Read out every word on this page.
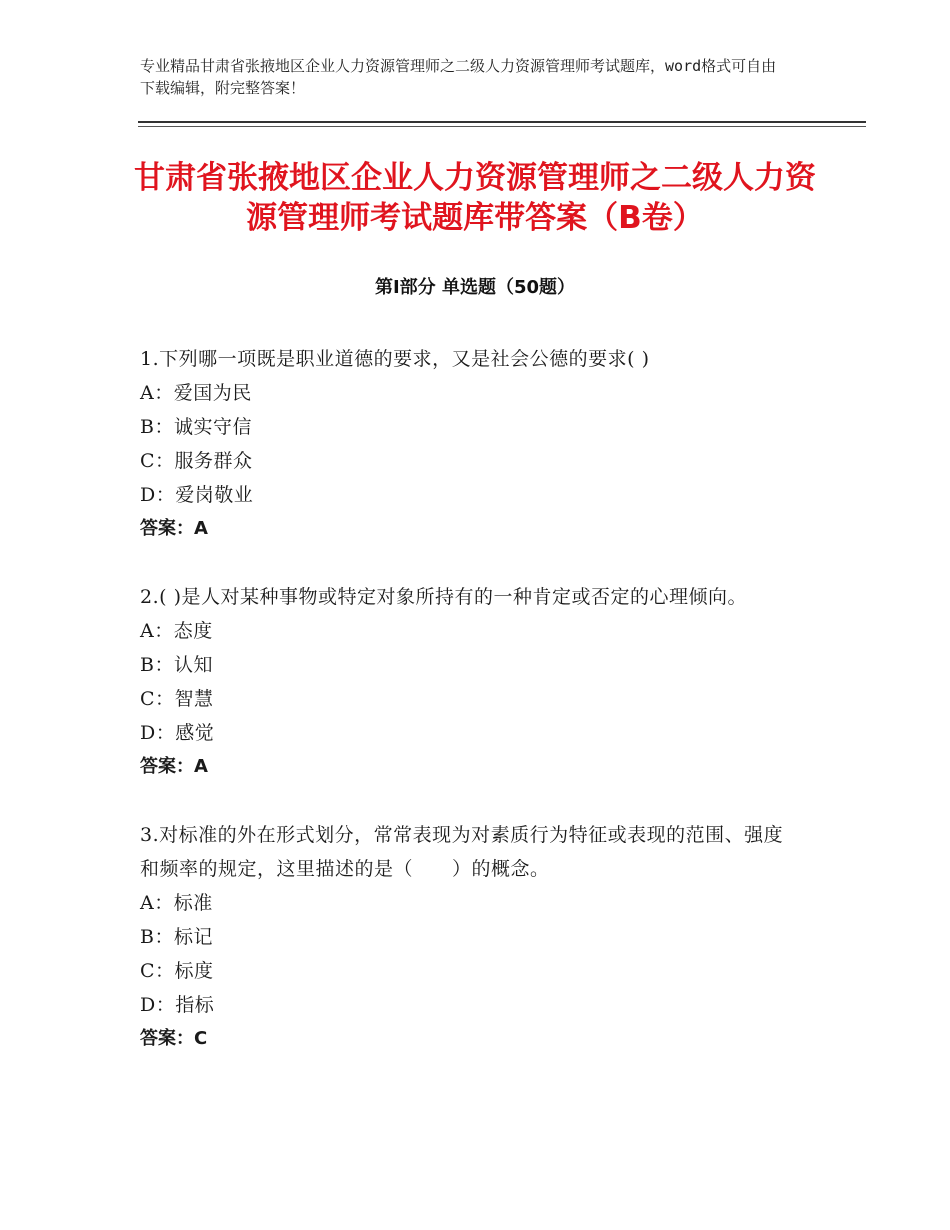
专业精品甘肃省张掖地区企业人力资源管理师之二级人力资源管理师考试题库，word格式可自由下载编辑，附完整答案！
甘肃省张掖地区企业人力资源管理师之二级人力资源管理师考试题库带答案（B卷）
第Ⅰ部分 单选题（50题）
1.下列哪一项既是职业道德的要求，又是社会公德的要求( )
A：爱国为民
B：诚实守信
C：服务群众
D：爱岗敬业
答案：A
2.( )是人对某种事物或特定对象所持有的一种肯定或否定的心理倾向。
A：态度
B：认知
C：智慧
D：感觉
答案：A
3.对标准的外在形式划分，常常表现为对素质行为特征或表现的范围、强度和频率的规定，这里描述的是（　　）的概念。
A：标准
B：标记
C：标度
D：指标
答案：C
